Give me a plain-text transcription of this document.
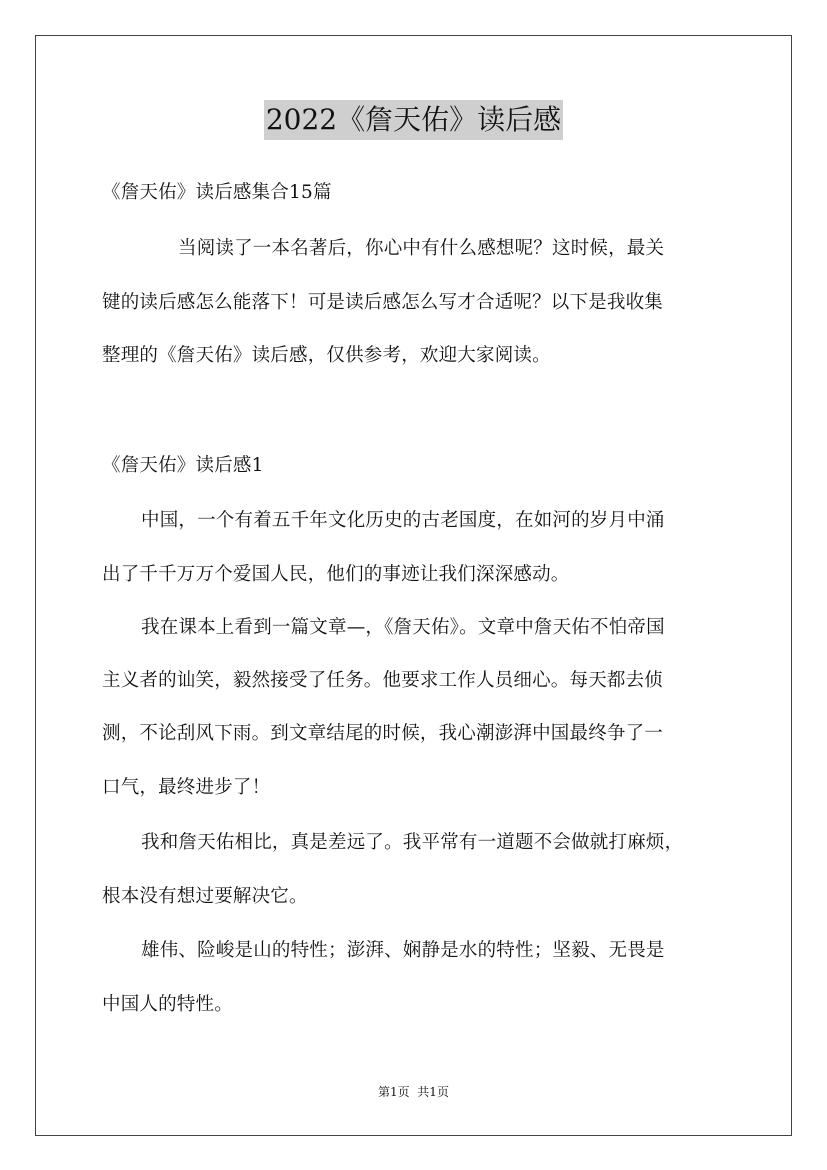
2022《詹天佑》读后感
《詹天佑》读后感集合15篇
当阅读了一本名著后，你心中有什么感想呢？这时候，最关
键的读后感怎么能落下！可是读后感怎么写才合适呢？以下是我收集
整理的《詹天佑》读后感，仅供参考，欢迎大家阅读。
《詹天佑》读后感1
中国，一个有着五千年文化历史的古老国度，在如河的岁月中涌
出了千千万万个爱国人民，他们的事迹让我们深深感动。
我在课本上看到一篇文章—，《詹天佑》。文章中詹天佑不怕帝国
主义者的讪笑，毅然接受了任务。他要求工作人员细心。每天都去侦
测，不论刮风下雨。到文章结尾的时候，我心潮澎湃中国最终争了一
口气，最终进步了！
我和詹天佑相比，真是差远了。我平常有一道题不会做就打麻烦，
根本没有想过要解决它。
雄伟、险峻是山的特性；澎湃、娴静是水的特性；坚毅、无畏是
中国人的特性。
第1页  共1页
